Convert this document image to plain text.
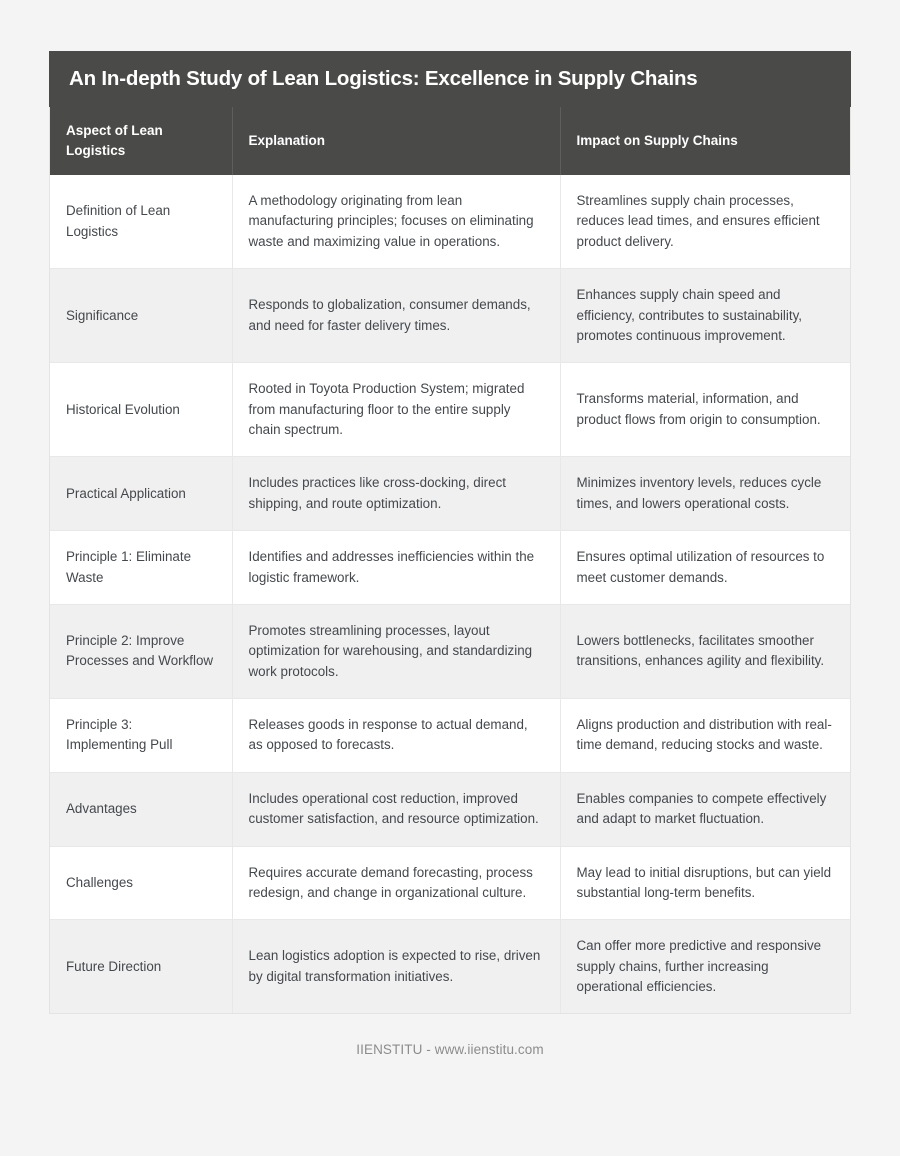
An In-depth Study of Lean Logistics: Excellence in Supply Chains
Aspect of Lean Logistics	Explanation	Impact on Supply Chains
Definition of Lean Logistics	A methodology originating from lean manufacturing principles; focuses on eliminating waste and maximizing value in operations.	Streamlines supply chain processes, reduces lead times, and ensures efficient product delivery.
Significance	Responds to globalization, consumer demands, and need for faster delivery times.	Enhances supply chain speed and efficiency, contributes to sustainability, promotes continuous improvement.
Historical Evolution	Rooted in Toyota Production System; migrated from manufacturing floor to the entire supply chain spectrum.	Transforms material, information, and product flows from origin to consumption.
Practical Application	Includes practices like cross-docking, direct shipping, and route optimization.	Minimizes inventory levels, reduces cycle times, and lowers operational costs.
Principle 1: Eliminate Waste	Identifies and addresses inefficiencies within the logistic framework.	Ensures optimal utilization of resources to meet customer demands.
Principle 2: Improve Processes and Workflow	Promotes streamlining processes, layout optimization for warehousing, and standardizing work protocols.	Lowers bottlenecks, facilitates smoother transitions, enhances agility and flexibility.
Principle 3: Implementing Pull	Releases goods in response to actual demand, as opposed to forecasts.	Aligns production and distribution with real-time demand, reducing stocks and waste.
Advantages	Includes operational cost reduction, improved customer satisfaction, and resource optimization.	Enables companies to compete effectively and adapt to market fluctuation.
Challenges	Requires accurate demand forecasting, process redesign, and change in organizational culture.	May lead to initial disruptions, but can yield substantial long-term benefits.
Future Direction	Lean logistics adoption is expected to rise, driven by digital transformation initiatives.	Can offer more predictive and responsive supply chains, further increasing operational efficiencies.
IIENSTITU - www.iienstitu.com
